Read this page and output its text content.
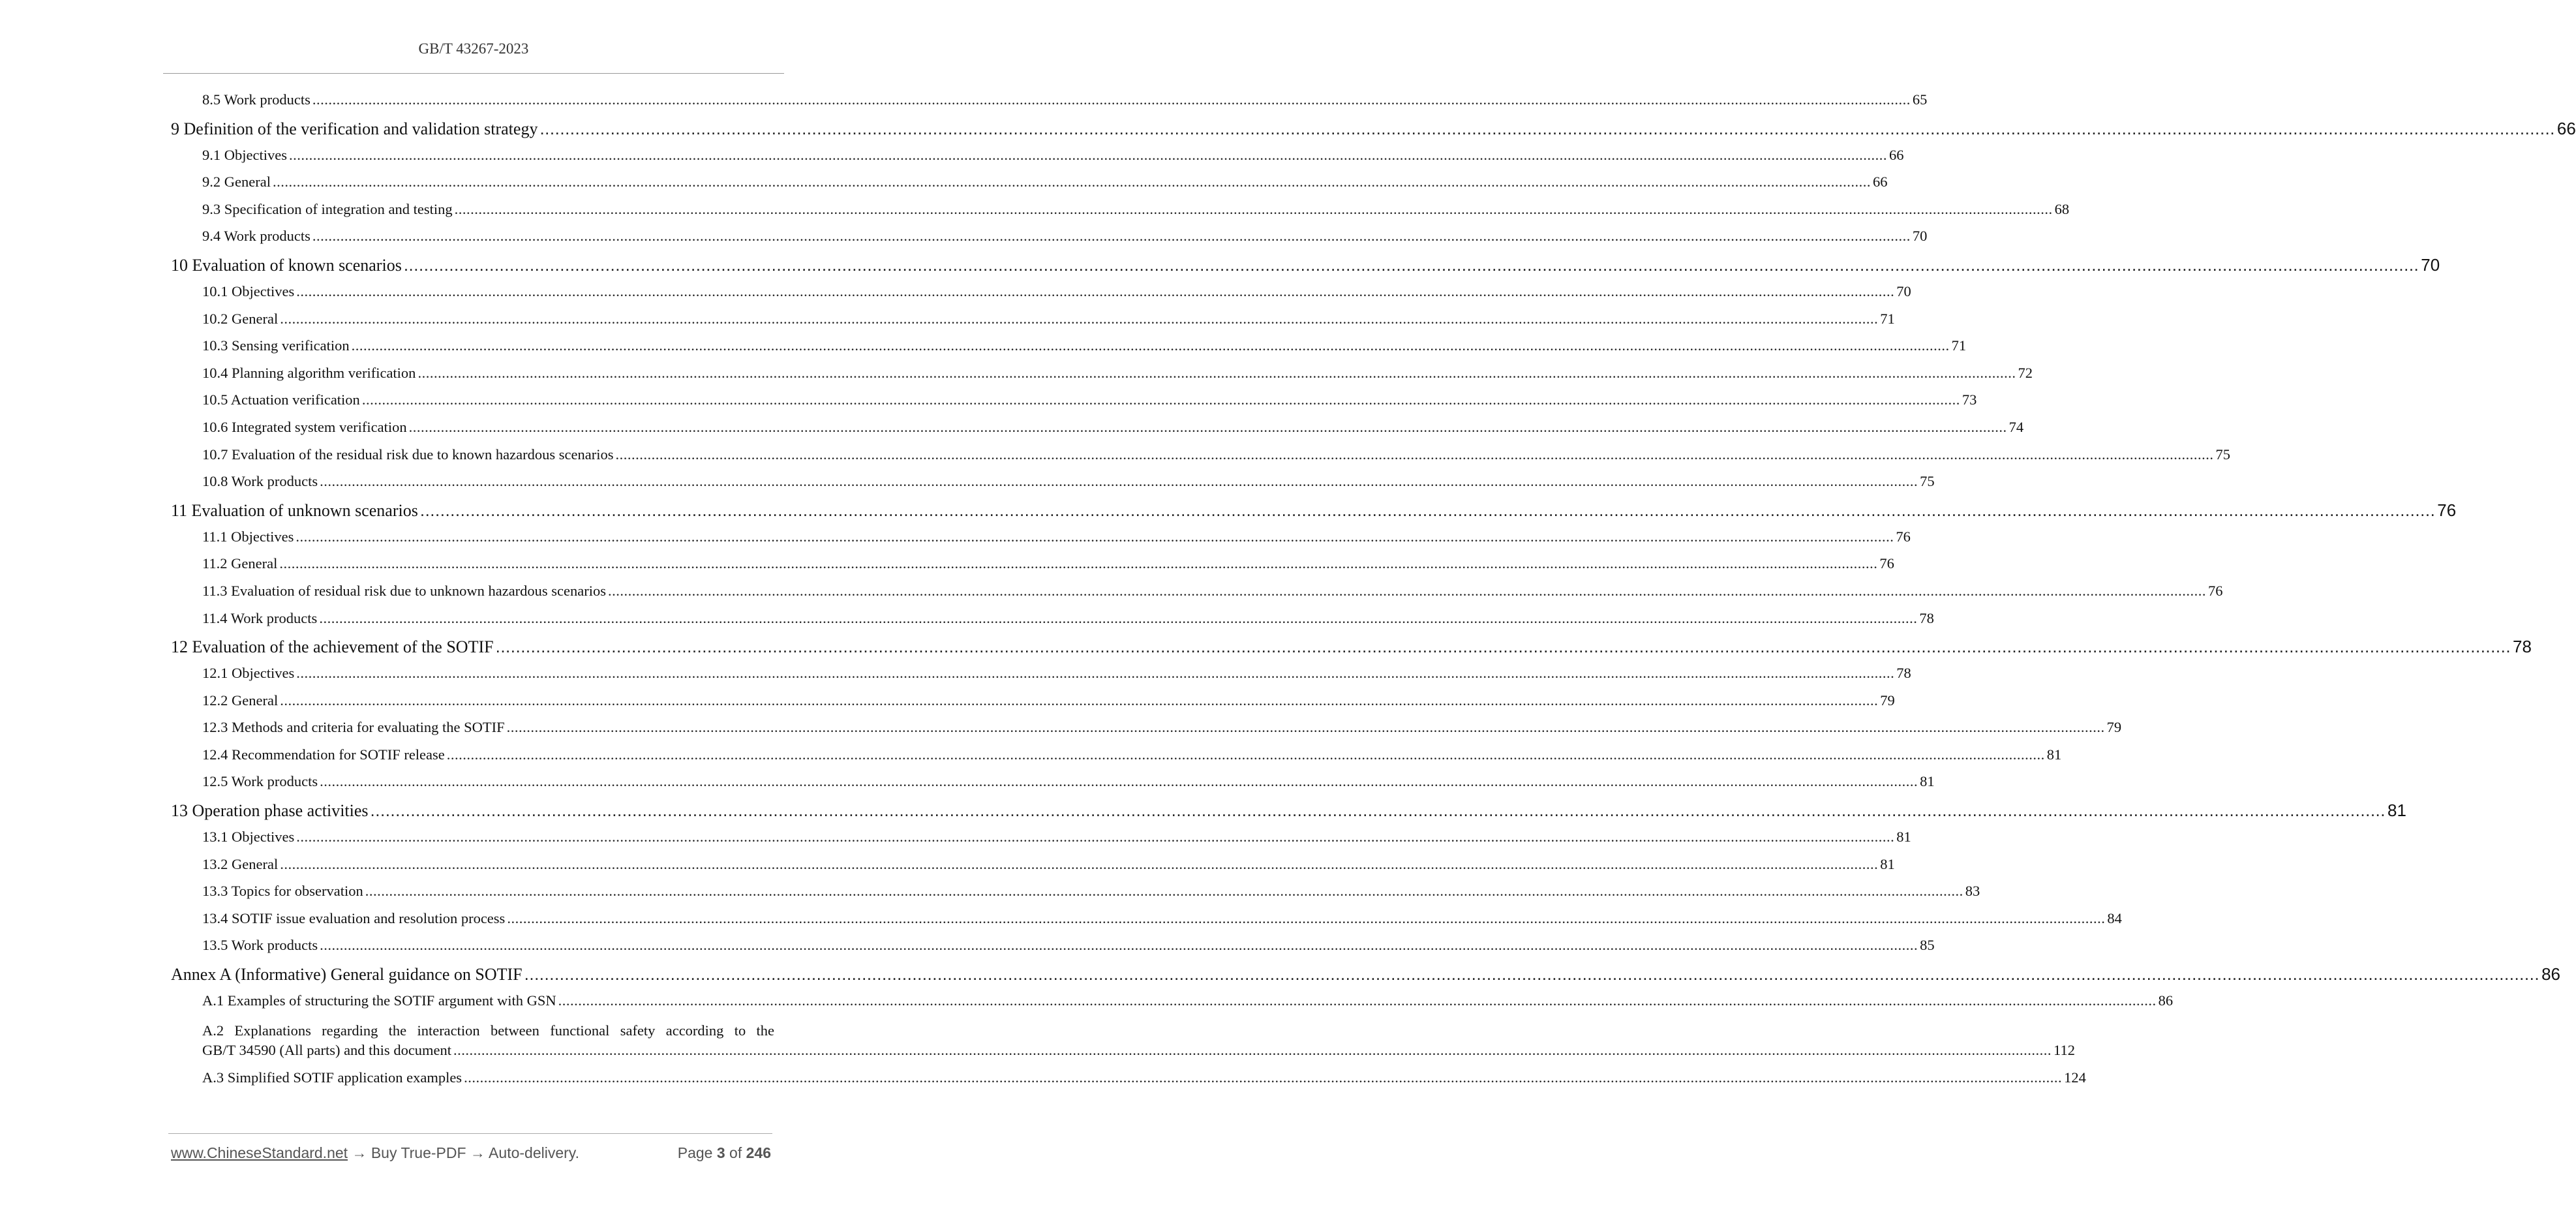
GB/T 43267-2023
8.5 Work products ................................................................................................................................................................................................................................................................................................................................................................................................................ 65
9 Definition of the verification and validation strategy ................................................................................................................................................................................................................................................................................................................................................................................................................ 66
9.1 Objectives ................................................................................................................................................................................................................................................................................................................................................................................................................ 66
9.2 General ................................................................................................................................................................................................................................................................................................................................................................................................................ 66
9.3 Specification of integration and testing ................................................................................................................................................................................................................................................................................................................................................................................................................ 68
9.4 Work products ................................................................................................................................................................................................................................................................................................................................................................................................................ 70
10 Evaluation of known scenarios ................................................................................................................................................................................................................................................................................................................................................................................................................ 70
10.1 Objectives ................................................................................................................................................................................................................................................................................................................................................................................................................ 70
10.2 General ................................................................................................................................................................................................................................................................................................................................................................................................................ 71
10.3 Sensing verification ................................................................................................................................................................................................................................................................................................................................................................................................................ 71
10.4 Planning algorithm verification ................................................................................................................................................................................................................................................................................................................................................................................................................ 72
10.5 Actuation verification ................................................................................................................................................................................................................................................................................................................................................................................................................ 73
10.6 Integrated system verification ................................................................................................................................................................................................................................................................................................................................................................................................................ 74
10.7 Evaluation of the residual risk due to known hazardous scenarios ................................................................................................................................................................................................................................................................................................................................................................................................................ 75
10.8 Work products ................................................................................................................................................................................................................................................................................................................................................................................................................ 75
11 Evaluation of unknown scenarios ................................................................................................................................................................................................................................................................................................................................................................................................................ 76
11.1 Objectives ................................................................................................................................................................................................................................................................................................................................................................................................................ 76
11.2 General ................................................................................................................................................................................................................................................................................................................................................................................................................ 76
11.3 Evaluation of residual risk due to unknown hazardous scenarios ................................................................................................................................................................................................................................................................................................................................................................................................................ 76
11.4 Work products ................................................................................................................................................................................................................................................................................................................................................................................................................ 78
12 Evaluation of the achievement of the SOTIF ................................................................................................................................................................................................................................................................................................................................................................................................................ 78
12.1 Objectives ................................................................................................................................................................................................................................................................................................................................................................................................................ 78
12.2 General ................................................................................................................................................................................................................................................................................................................................................................................................................ 79
12.3 Methods and criteria for evaluating the SOTIF ................................................................................................................................................................................................................................................................................................................................................................................................................ 79
12.4 Recommendation for SOTIF release ................................................................................................................................................................................................................................................................................................................................................................................................................ 81
12.5 Work products ................................................................................................................................................................................................................................................................................................................................................................................................................ 81
13 Operation phase activities ................................................................................................................................................................................................................................................................................................................................................................................................................ 81
13.1 Objectives ................................................................................................................................................................................................................................................................................................................................................................................................................ 81
13.2 General ................................................................................................................................................................................................................................................................................................................................................................................................................ 81
13.3 Topics for observation ................................................................................................................................................................................................................................................................................................................................................................................................................ 83
13.4 SOTIF issue evaluation and resolution process ................................................................................................................................................................................................................................................................................................................................................................................................................ 84
13.5 Work products ................................................................................................................................................................................................................................................................................................................................................................................................................ 85
Annex A (Informative) General guidance on SOTIF ................................................................................................................................................................................................................................................................................................................................................................................................................ 86
A.1 Examples of structuring the SOTIF argument with GSN ................................................................................................................................................................................................................................................................................................................................................................................................................ 86
A.2 Explanations regarding the interaction between functional safety according to the
GB/T 34590 (All parts) and this document ................................................................................................................................................................................................................................................................................................................................................................................................................ 112
A.3 Simplified SOTIF application examples ................................................................................................................................................................................................................................................................................................................................................................................................................ 124
www.ChineseStandard.net → Buy True-PDF → Auto-delivery.	Page 3 of 246
